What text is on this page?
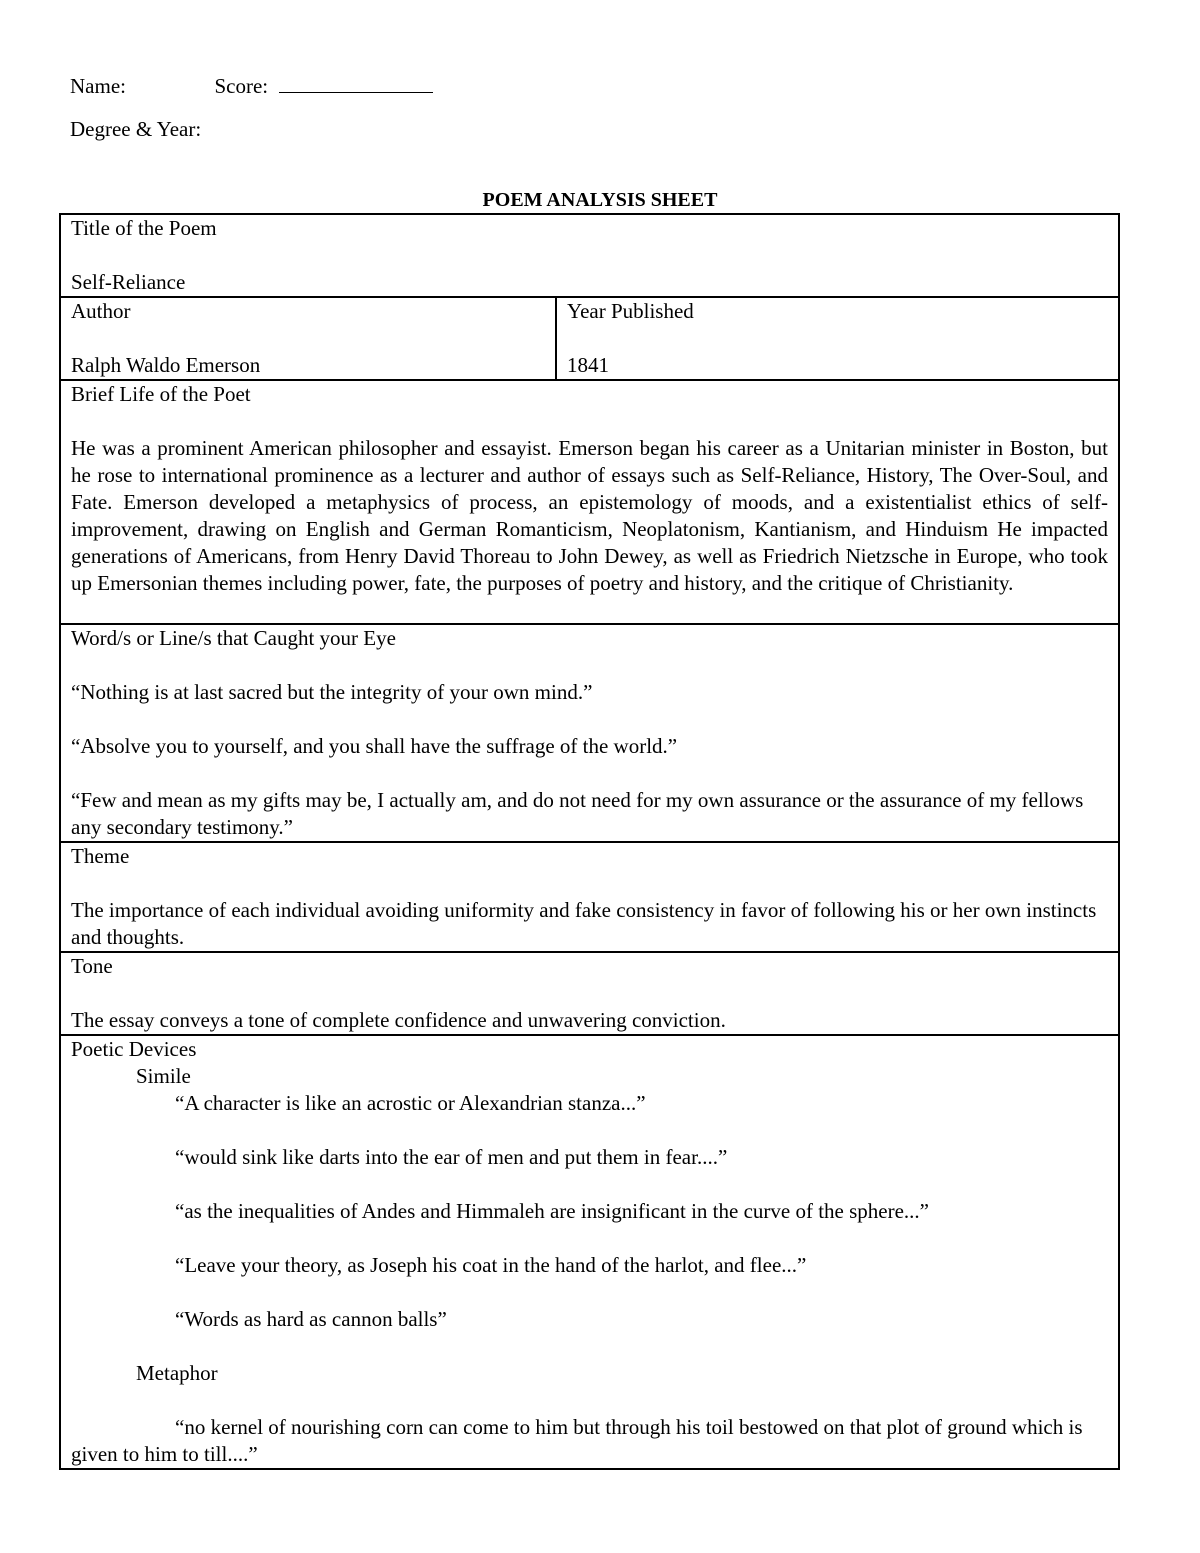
Name:	Score:

Degree & Year:

POEM ANALYSIS SHEET
Title of the Poem
Self-Reliance

Author
Ralph Waldo Emerson

Year Published
1841

Brief Life of the Poet

He was a prominent American philosopher and essayist. Emerson began his career as a Unitarian minister in Boston, but he rose to international prominence as a lecturer and author of essays such as Self-Reliance, History, The Over-Soul, and Fate. Emerson developed a metaphysics of process, an epistemology of moods, and a existentialist ethics of self-improvement, drawing on English and German Romanticism, Neoplatonism, Kantianism, and Hinduism He impacted generations of Americans, from Henry David Thoreau to John Dewey, as well as Friedrich Nietzsche in Europe, who took up Emersonian themes including power, fate, the purposes of poetry and history, and the critique of Christianity.

Word/s or Line/s that Caught your Eye

“Nothing is at last sacred but the integrity of your own mind.”

“Absolve you to yourself, and you shall have the suffrage of the world.”

“Few and mean as my gifts may be, I actually am, and do not need for my own assurance or the assurance of my fellows any secondary testimony.”

Theme

The importance of each individual avoiding uniformity and fake consistency in favor of following his or her own instincts and thoughts.

Tone

The essay conveys a tone of complete confidence and unwavering conviction.

Poetic Devices
Simile
“A character is like an acrostic or Alexandrian stanza...”
“would sink like darts into the ear of men and put them in fear....”
“as the inequalities of Andes and Himmaleh are insignificant in the curve of the sphere...”
“Leave your theory, as Joseph his coat in the hand of the harlot, and flee...”
“Words as hard as cannon balls”
Metaphor
“no kernel of nourishing corn can come to him but through his toil bestowed on that plot of ground which is given to him to till....”
